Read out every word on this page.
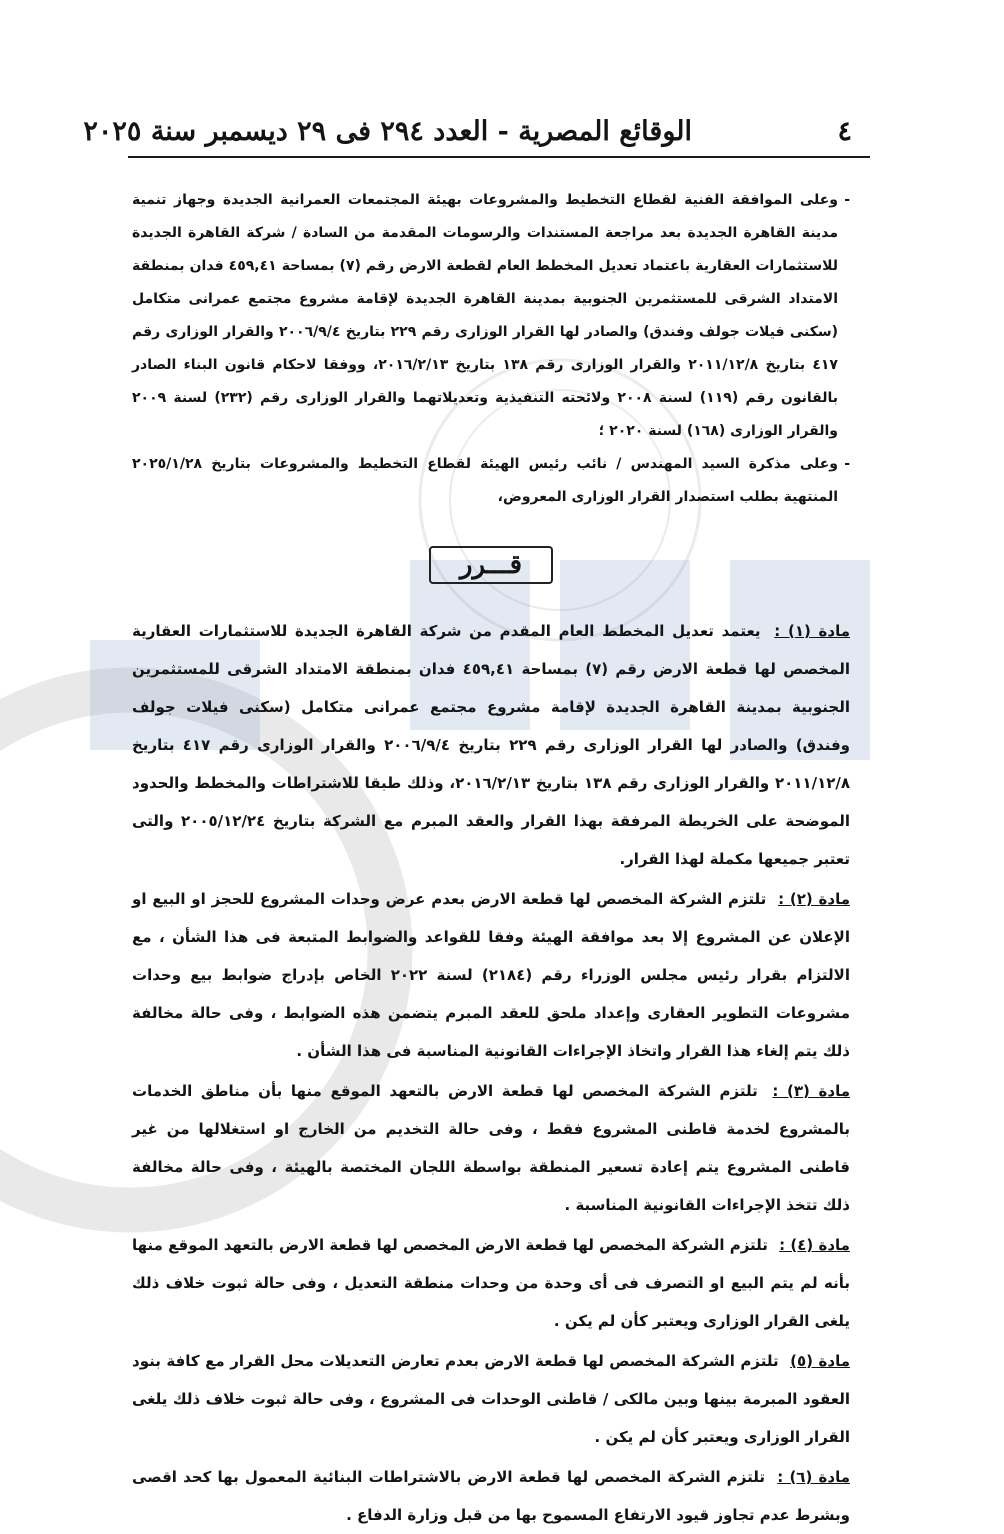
الوقائع المصرية - العدد ٢٩٤ فى ٢٩ ديسمبر سنة ٢٠٢٥	٤

-
وعلى الموافقة الفنية لقطاع التخطيط والمشروعات بهيئة المجتمعات العمرانية الجديدة وجهاز تنمية مدينة القاهرة الجديدة بعد مراجعة المستندات والرسومات المقدمة من السادة / شركة القاهرة الجديدة للاستثمارات العقارية باعتماد تعديل المخطط العام لقطعة الارض رقم (٧) بمساحة ٤٥٩,٤١ فدان بمنطقة الامتداد الشرقى للمستثمرين الجنوبية بمدينة القاهرة الجديدة لإقامة مشروع مجتمع عمرانى متكامل (سكنى فيلات جولف وفندق) والصادر لها القرار الوزارى رقم ٢٢٩ بتاريخ ٢٠٠٦/٩/٤ والقرار الوزارى رقم ٤١٧ بتاريخ ٢٠١١/١٢/٨ والقرار الوزارى رقم ١٣٨ بتاريخ ٢٠١٦/٢/١٣، ووفقا لاحكام قانون البناء الصادر بالقانون رقم (١١٩) لسنة ٢٠٠٨ ولائحته التنفيذية وتعديلاتهما والقرار الوزارى رقم (٢٣٢) لسنة ٢٠٠٩ والقرار الوزارى (١٦٨) لسنة ٢٠٢٠ ؛

-
وعلى مذكرة السيد المهندس / نائب رئيس الهيئة لقطاع التخطيط والمشروعات بتاريخ ٢٠٢٥/١/٢٨ المنتهية بطلب استصدار القرار الوزارى المعروض،

قـــرر

مادة (١) : يعتمد تعديل المخطط العام المقدم من شركة القاهرة الجديدة للاستثمارات العقارية المخصص لها قطعة الارض رقم (٧) بمساحة ٤٥٩,٤١ فدان بمنطقة الامتداد الشرقى للمستثمرين الجنوبية بمدينة القاهرة الجديدة لإقامة مشروع مجتمع عمرانى متكامل (سكنى فيلات جولف وفندق) والصادر لها القرار الوزارى رقم ٢٢٩ بتاريخ ٢٠٠٦/٩/٤ والقرار الوزارى رقم ٤١٧ بتاريخ ٢٠١١/١٢/٨ والقرار الوزارى رقم ١٣٨ بتاريخ ٢٠١٦/٢/١٣، وذلك طبقا للاشتراطات والمخطط والحدود الموضحة على الخريطة المرفقة بهذا القرار والعقد المبرم مع الشركة بتاريخ ٢٠٠٥/١٢/٢٤ والتى تعتبر جميعها مكملة لهذا القرار.

مادة (٢) : تلتزم الشركة المخصص لها قطعة الارض بعدم عرض وحدات المشروع للحجز او البيع او الإعلان عن المشروع إلا بعد موافقة الهيئة وفقا للقواعد والضوابط المتبعة فى هذا الشأن ، مع الالتزام بقرار رئيس مجلس الوزراء رقم (٢١٨٤) لسنة ٢٠٢٢ الخاص بإدراج ضوابط بيع وحدات مشروعات التطوير العقارى وإعداد ملحق للعقد المبرم يتضمن هذه الضوابط ، وفى حالة مخالفة ذلك يتم إلغاء هذا القرار واتخاذ الإجراءات القانونية المناسبة فى هذا الشأن .

مادة (٣) : تلتزم الشركة المخصص لها قطعة الارض بالتعهد الموقع منها بأن مناطق الخدمات بالمشروع لخدمة قاطنى المشروع فقط ، وفى حالة التخديم من الخارج او استغلالها من غير قاطنى المشروع يتم إعادة تسعير المنطقة بواسطة اللجان المختصة بالهيئة ، وفى حالة مخالفة ذلك تتخذ الإجراءات القانونية المناسبة .

مادة (٤) : تلتزم الشركة المخصص لها قطعة الارض المخصص لها قطعة الارض بالتعهد الموقع منها بأنه لم يتم البيع او التصرف فى أى وحدة من وحدات منطقة التعديل ، وفى حالة ثبوت خلاف ذلك يلغى القرار الوزارى ويعتبر كأن لم يكن .

مادة (٥) تلتزم الشركة المخصص لها قطعة الارض بعدم تعارض التعديلات محل القرار مع كافة بنود العقود المبرمة بينها وبين مالكى / قاطنى الوحدات فى المشروع ، وفى حالة ثبوت خلاف ذلك يلغى القرار الوزارى ويعتبر كأن لم يكن .

مادة (٦) : تلتزم الشركة المخصص لها قطعة الارض بالاشتراطات البنائية المعمول بها كحد اقصى وبشرط عدم تجاوز قيود الارتفاع المسموح بها من قبل وزارة الدفاع .
